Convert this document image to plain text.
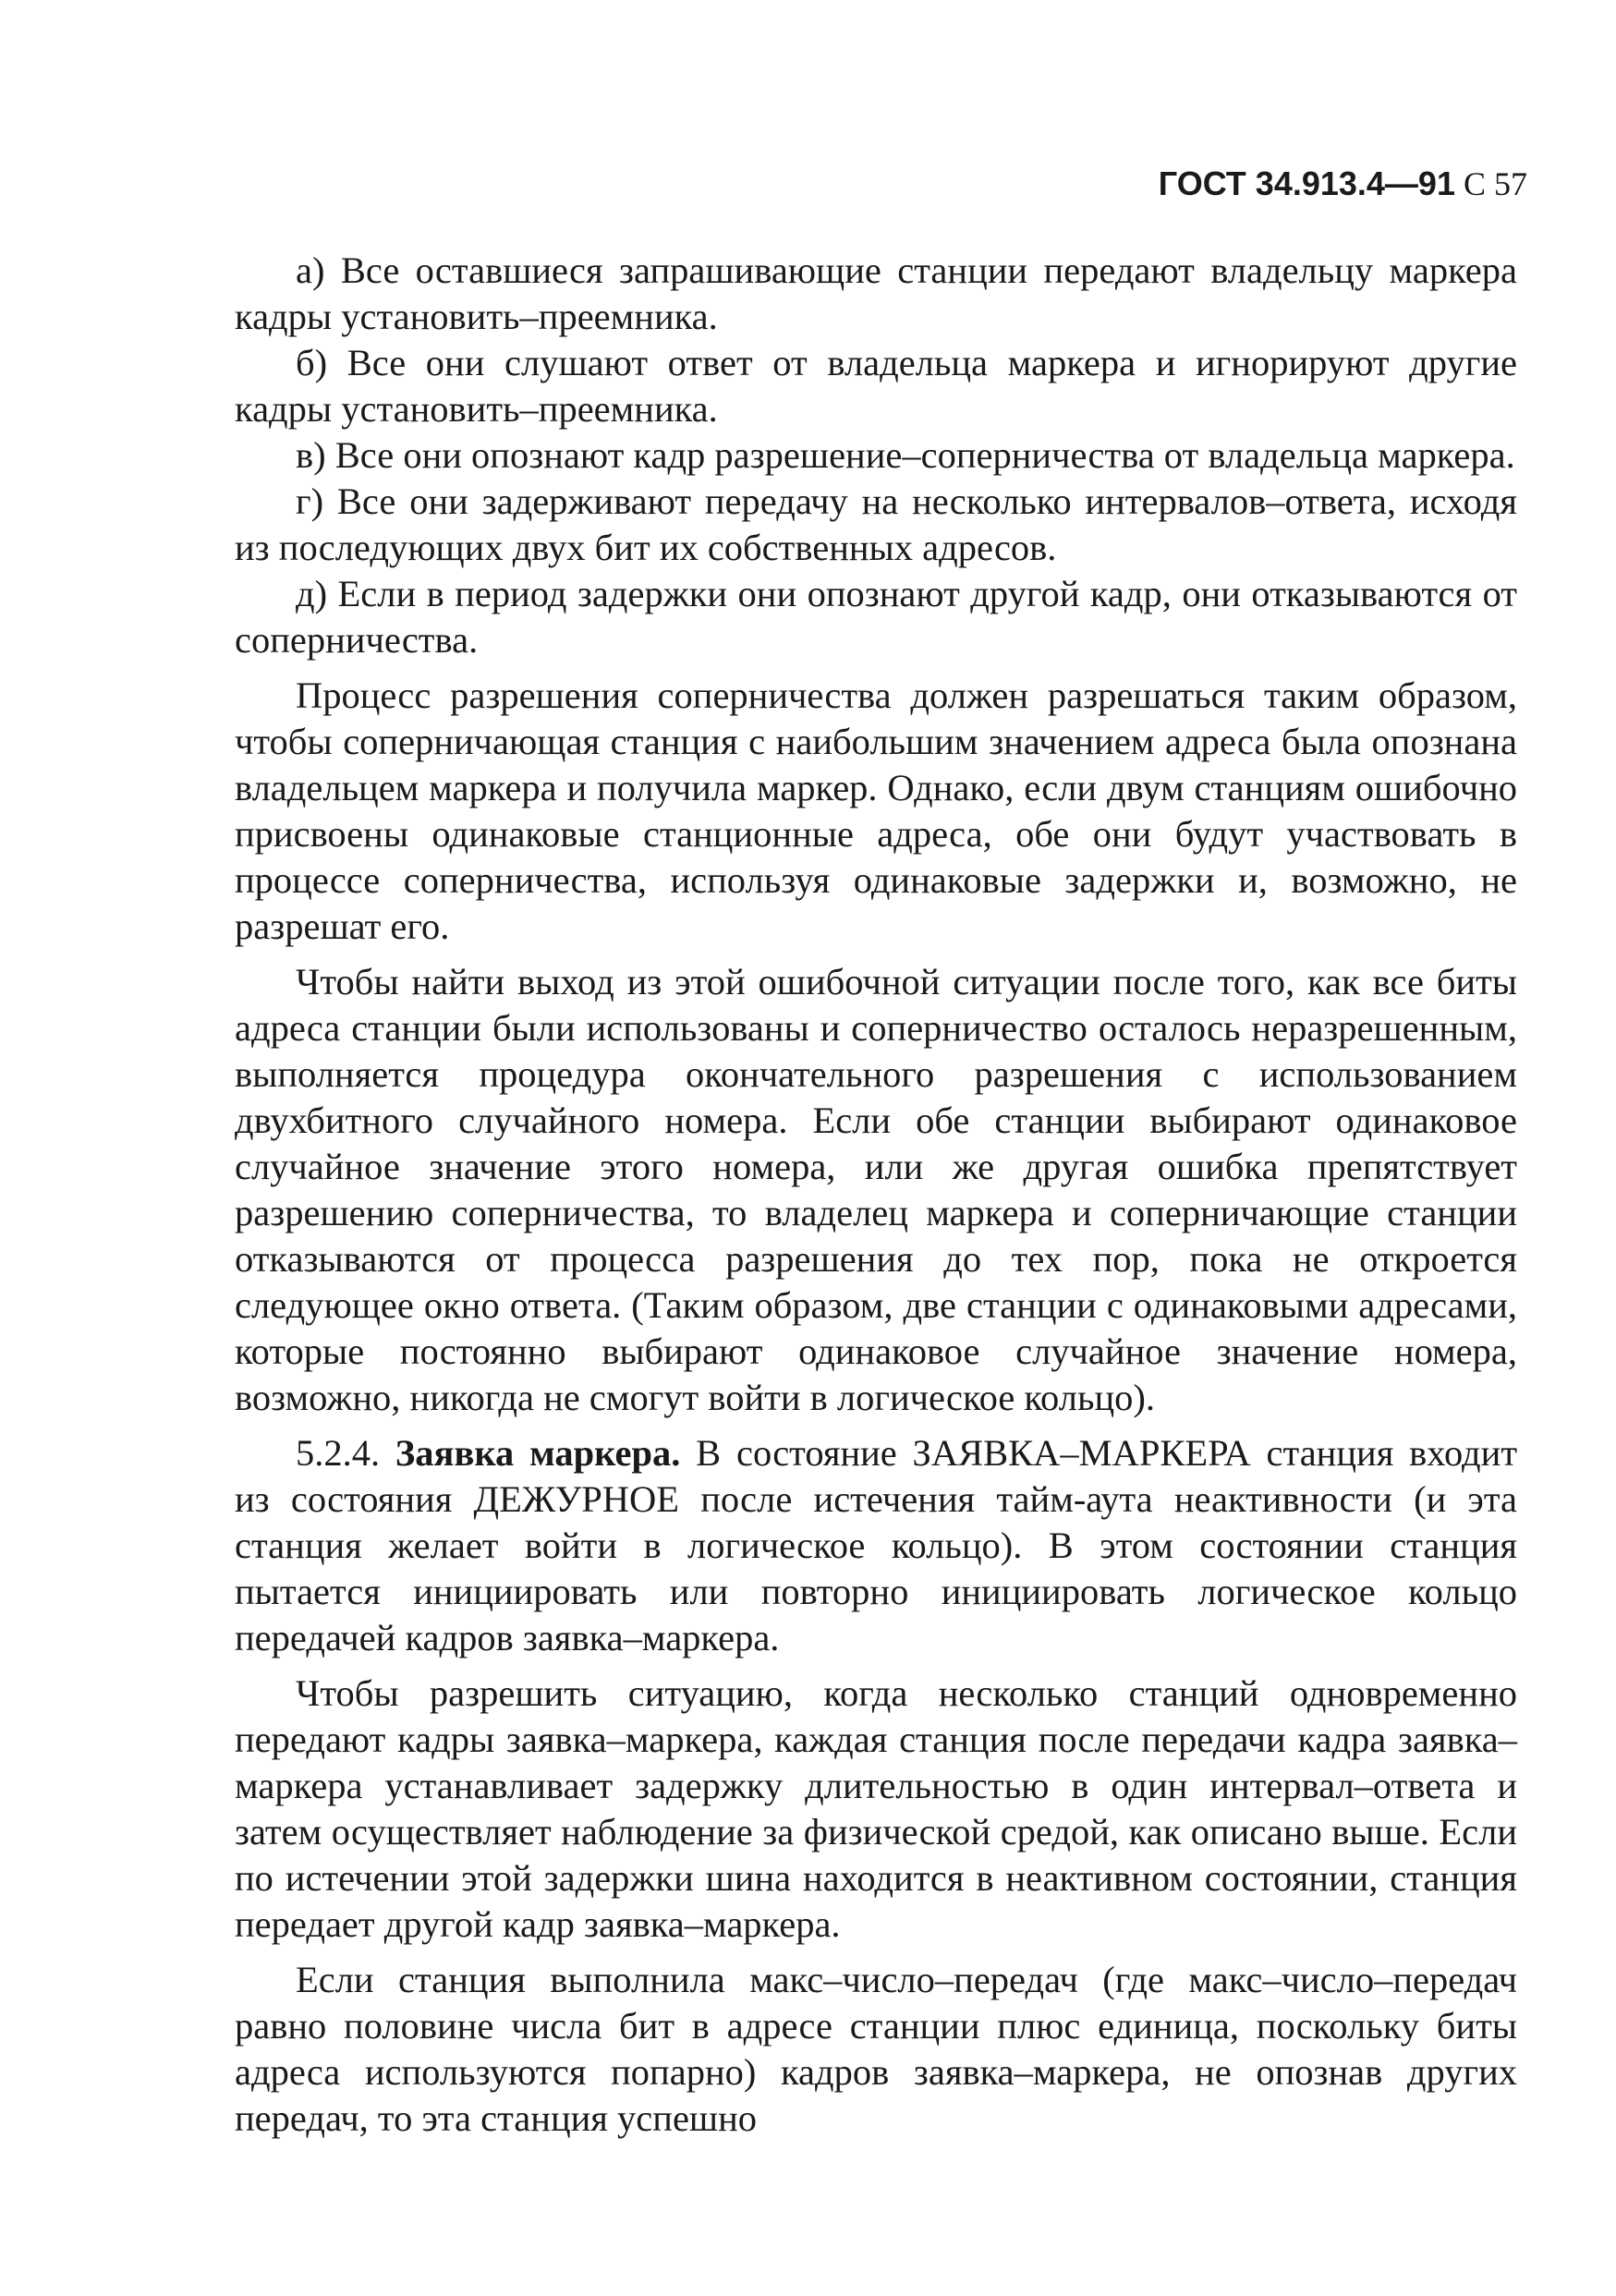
ГОСТ 34.913.4—91 С 57

а) Все оставшиеся запрашивающие станции передают владельцу маркера кадры установить–преемника.

б) Все они слушают ответ от владельца маркера и игнорируют другие кадры установить–преемника.

в) Все они опознают кадр разрешение–соперничества от владельца маркера.

г) Все они задерживают передачу на несколько интервалов–ответа, исходя из последующих двух бит их собственных адресов.

д) Если в период задержки они опознают другой кадр, они отказываются от соперничества.

Процесс разрешения соперничества должен разрешаться таким образом, чтобы соперничающая станция с наибольшим значением адреса была опознана владельцем маркера и получила маркер. Однако, если двум станциям ошибочно присвоены одинаковые станционные адреса, обе они будут участвовать в процессе соперничества, используя одинаковые задержки и, возможно, не разрешат его.

Чтобы найти выход из этой ошибочной ситуации после того, как все биты адреса станции были использованы и соперничество осталось неразрешенным, выполняется процедура окончательного разрешения с использованием двухбитного случайного номера. Если обе станции выбирают одинаковое случайное значение этого номера, или же другая ошибка препятствует разрешению соперничества, то владелец маркера и соперничающие станции отказываются от процесса разрешения до тех пор, пока не откроется следующее окно ответа. (Таким образом, две станции с одинаковыми адресами, которые постоянно выбирают одинаковое случайное значение номера, возможно, никогда не смогут войти в логическое кольцо).

5.2.4. Заявка маркера. В состояние ЗАЯВКА–МАРКЕРА станция входит из состояния ДЕЖУРНОЕ после истечения тайм-аута неактивности (и эта станция желает войти в логическое кольцо). В этом состоянии станция пытается инициировать или повторно инициировать логическое кольцо передачей кадров заявка–маркера.

Чтобы разрешить ситуацию, когда несколько станций одновременно передают кадры заявка–маркера, каждая станция после передачи кадра заявка–маркера устанавливает задержку длительностью в один интервал–ответа и затем осуществляет наблюдение за физической средой, как описано выше. Если по истечении этой задержки шина находится в неактивном состоянии, станция передает другой кадр заявка–маркера.

Если станция выполнила макс–число–передач (где макс–число–передач равно половине числа бит в адресе станции плюс единица, поскольку биты адреса используются попарно) кадров заявка–маркера, не опознав других передач, то эта станция успешно
